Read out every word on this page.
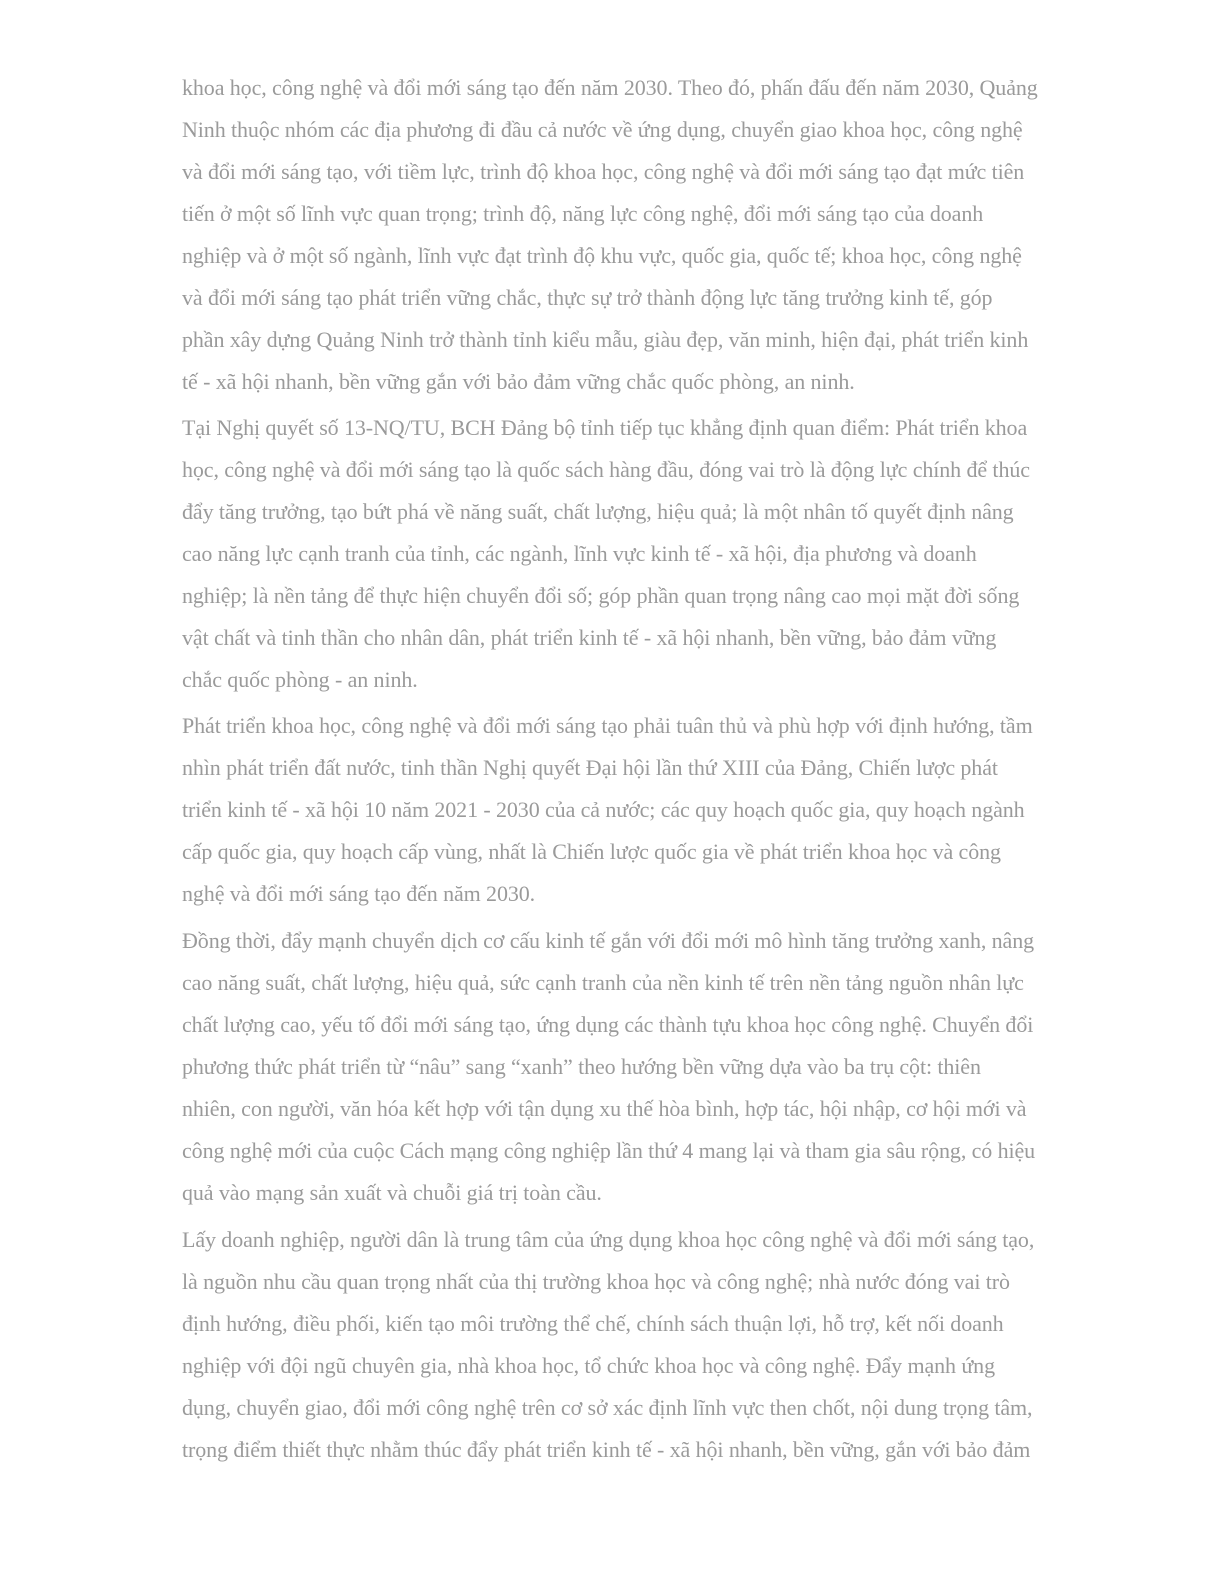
khoa học, công nghệ và đổi mới sáng tạo đến năm 2030. Theo đó, phấn đấu đến năm 2030, Quảng
Ninh thuộc nhóm các địa phương đi đầu cả nước về ứng dụng, chuyển giao khoa học, công nghệ
và đổi mới sáng tạo, với tiềm lực, trình độ khoa học, công nghệ và đổi mới sáng tạo đạt mức tiên
tiến ở một số lĩnh vực quan trọng; trình độ, năng lực công nghệ, đổi mới sáng tạo của doanh
nghiệp và ở một số ngành, lĩnh vực đạt trình độ khu vực, quốc gia, quốc tế; khoa học, công nghệ
và đổi mới sáng tạo phát triển vững chắc, thực sự trở thành động lực tăng trưởng kinh tế, góp
phần xây dựng Quảng Ninh trở thành tỉnh kiểu mẫu, giàu đẹp, văn minh, hiện đại, phát triển kinh
tế - xã hội nhanh, bền vững gắn với bảo đảm vững chắc quốc phòng, an ninh.
Tại Nghị quyết số 13-NQ/TU, BCH Đảng bộ tỉnh tiếp tục khẳng định quan điểm: Phát triển khoa
học, công nghệ và đổi mới sáng tạo là quốc sách hàng đầu, đóng vai trò là động lực chính để thúc
đẩy tăng trưởng, tạo bứt phá về năng suất, chất lượng, hiệu quả; là một nhân tố quyết định nâng
cao năng lực cạnh tranh của tỉnh, các ngành, lĩnh vực kinh tế - xã hội, địa phương và doanh
nghiệp; là nền tảng để thực hiện chuyển đổi số; góp phần quan trọng nâng cao mọi mặt đời sống
vật chất và tinh thần cho nhân dân, phát triển kinh tế - xã hội nhanh, bền vững, bảo đảm vững
chắc quốc phòng - an ninh.
Phát triển khoa học, công nghệ và đổi mới sáng tạo phải tuân thủ và phù hợp với định hướng, tầm
nhìn phát triển đất nước, tinh thần Nghị quyết Đại hội lần thứ XIII của Đảng, Chiến lược phát
triển kinh tế - xã hội 10 năm 2021 - 2030 của cả nước; các quy hoạch quốc gia, quy hoạch ngành
cấp quốc gia, quy hoạch cấp vùng, nhất là Chiến lược quốc gia về phát triển khoa học và công
nghệ và đổi mới sáng tạo đến năm 2030.
Đồng thời, đẩy mạnh chuyển dịch cơ cấu kinh tế gắn với đổi mới mô hình tăng trưởng xanh, nâng
cao năng suất, chất lượng, hiệu quả, sức cạnh tranh của nền kinh tế trên nền tảng nguồn nhân lực
chất lượng cao, yếu tố đổi mới sáng tạo, ứng dụng các thành tựu khoa học công nghệ. Chuyển đổi
phương thức phát triển từ “nâu” sang “xanh” theo hướng bền vững dựa vào ba trụ cột: thiên
nhiên, con người, văn hóa kết hợp với tận dụng xu thế hòa bình, hợp tác, hội nhập, cơ hội mới và
công nghệ mới của cuộc Cách mạng công nghiệp lần thứ 4 mang lại và tham gia sâu rộng, có hiệu
quả vào mạng sản xuất và chuỗi giá trị toàn cầu.
Lấy doanh nghiệp, người dân là trung tâm của ứng dụng khoa học công nghệ và đổi mới sáng tạo,
là nguồn nhu cầu quan trọng nhất của thị trường khoa học và công nghệ; nhà nước đóng vai trò
định hướng, điều phối, kiến tạo môi trường thể chế, chính sách thuận lợi, hỗ trợ, kết nối doanh
nghiệp với đội ngũ chuyên gia, nhà khoa học, tổ chức khoa học và công nghệ. Đẩy mạnh ứng
dụng, chuyển giao, đổi mới công nghệ trên cơ sở xác định lĩnh vực then chốt, nội dung trọng tâm,
trọng điểm thiết thực nhằm thúc đẩy phát triển kinh tế - xã hội nhanh, bền vững, gắn với bảo đảm
